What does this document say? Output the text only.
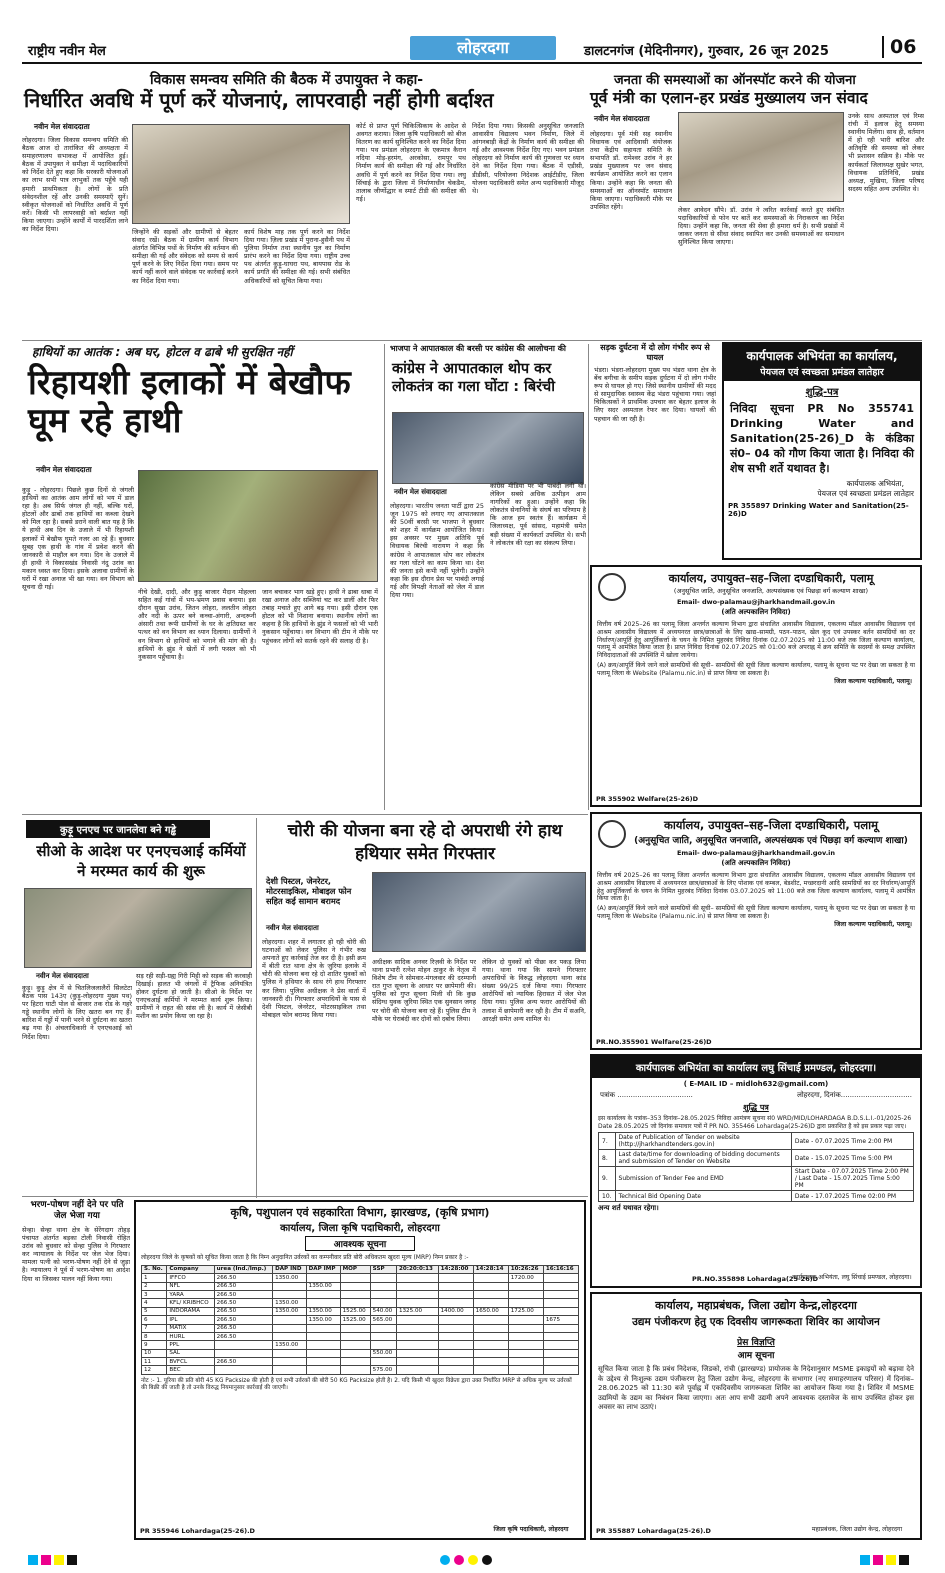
राष्ट्रीय नवीन मेल	लोहरदगा	डालटनगंज (मेदिनीनगर), गुरुवार, 26 जून 2025	06
विकास समन्वय समिति की बैठक में उपायुक्त ने कहा-
निर्धारित अवधि में पूर्ण करें योजनाएं, लापरवाही नहीं होगी बर्दाश्त
नवीन मेल संवाददाता
लोहरदगा। जिला विकास समन्वय समिति की बैठक आज दो तारांकित की अध्यक्षता में समाहरणालय सभाकक्ष में आयोजित हुई। बैठक में उपायुक्त ने समीक्षा में पदाधिकारियों को निर्देश देते हुए कहा कि सरकारी योजनाओं का लाभ सभी पात्र लाभुकों तक पहुँचे यही हमारी प्राथमिकता है। लोगों के प्रति संवेदनशील रहें और उनकी समस्याएँ सुनें। स्वीकृत योजनाओं को निर्धारित अवधि में पूर्ण करें। किसी भी लापरवाही को बर्दाश्त नहीं किया जाएगा। उन्होंने कार्यों में पारदर्शिता लाने का निर्देश दिया।	जिन्होंने की सड़कों और ग्रामीणों से बेहतर संवाद रखें। बैठक में ग्रामीण कार्य विभाग अंतर्गत विभिन्न पथों के निर्माण की वर्तमान की समीक्षा की गई और संवेदक को समय से कार्य पूर्ण करने के लिए निर्देश दिया गया। समय पर कार्य नहीं करने वाले संवेदक पर कार्रवाई करने का निर्देश दिया गया।
कार्य विशेष माह तक पूर्ण करने का निर्देश दिया गया। ज़िला प्रखंड में पुराना-हुसैनी पथ में पुलिया निर्माण तथा स्थानीय पुल का निर्माण प्रारंभ करने का निर्देश दिया गया। राष्ट्रीय उच्च पथ अंतर्गत कुड़ू-घाघरा पथ, बायपास रोड के कार्य प्रगति की समीक्षा की गई। सभी संबंधित अधिकारियों को सूचित किया गया।
कोर्ट से प्राप्त पूर्ण चिकित्सिकाय के आदेश से अवगत कराया। जिला कृषि पदाधिकारी को बीज वितरण का कार्य सुनिश्चित करने का निर्देश दिया गया। पथ प्रमंडल लोहरदगा के एकमात्र कैरान नदिया मोड़-हरमंग, अरकोसा, रामपुर पथ निर्माण कार्य की समीक्षा की गई और निर्धारित अवधि में पूर्ण करने का निर्देश दिया गया। लघु सिंचाई के द्वारा जिला में निर्माणाधीन चेकडैम, तालाब जीर्णोद्धार व स्मार्ट टीडी की समीक्षा की गई।
निर्देश दिया गया। किसकी अनुसूचित जनजाति आवासीय विद्यालय भवन निर्माण, जिले में आंगनबाड़ी केंद्रों के निर्माण कार्य की समीक्षा की गई और आवश्यक निर्देश दिए गए। भवन प्रमंडल लोहरदगा को निर्माण कार्य की गुणवत्ता पर ध्यान देने का निर्देश दिया गया। बैठक में एडीसी, डीडीसी, परियोजना निदेशक आईटीडीए, जिला योजना पदाधिकारी समेत अन्य पदाधिकारी मौजूद थे।
जनता की समस्याओं का ऑनस्पॉट करने की योजना
पूर्व मंत्री का एलान-हर प्रखंड मुख्यालय जन संवाद
नवीन मेल संवाददाता
लोहरदगा। पूर्व मंत्री सह स्थानीय विधायक एवं आदिवासी संयोजक तथा केंद्रीय सहायता समिति के सभापति डॉ. रामेश्वर उरांव ने हर प्रखंड मुख्यालय पर जन संवाद कार्यक्रम आयोजित करने का एलान किया। उन्होंने कहा कि जनता की समस्याओं का ऑनस्पॉट समाधान किया जाएगा। पदाधिकारी मौके पर उपस्थित रहेंगे।	लेकर आवेदन सौंपे। डॉ. उरांव ने त्वरित कार्रवाई करते हुए संबंधित पदाधिकारियों से फोन पर बातें कर समस्याओं के निराकरण का निर्देश दिया। उन्होंने कहा कि, जनता की सेवा ही हमारा धर्म है। सभी प्रखंडों में जाकर जनता से सीधा संवाद स्थापित कर उनकी समस्याओं का समाधान सुनिश्चित किया जाएगा।
उनके साथ अस्पताल एवं रिम्स रांची में इलाज हेतु समस्या स्थानीय मिलेंगा। साथ ही, वर्तमान में हो रही भारी बारिश और अतिवृष्टि की समस्या को लेकर भी प्रशासन सक्रिय है। मौके पर कार्यकर्ता जिलाध्यक्ष सुखेर भगत, विधायक प्रतिनिधि, प्रखंड अध्यक्ष, मुखिया, जिला परिषद सदस्य सहित अन्य उपस्थित थे।
हाथियों का आतंक : अब घर, होटल व ढाबे भी सुरक्षित नहीं
रिहायशी इलाकों में बेखौफ घूम रहे हाथी
नवीन मेल संवाददाता
कुड़ू - लोहरदगा। पिछले कुछ दिनों से जंगली हाथियों का आतंक आम लोगों को भय में डाल रहा है। अब सिर्फ जंगल ही नहीं, बल्कि घरों, होटलों और ढाबों तक हाथियों का कब्जा देखने को मिल रहा है। सबसे डराने वाली बात यह है कि ये हाथी अब दिन के उजाले में भी रिहायशी इलाकों में बेखौफ घूमते नजर आ रहे हैं। बुधवार सुबह एक हाथी के गांव में प्रवेश करने की जानकारी से माहौल बन गया। दिन के उजाले में ही हाथी ने विकासखंड निवासी नंदु उरांव का मकान ध्वस्त कर दिया। इसके अलावा ग्रामीणों के घरों में रखा अनाज भी खा गया। वन विभाग को सूचना दी गई।
नीचे देखी, दादी, और कुड़ू बाजार मैदान मोहल्ला सहित कई गांवों में भय-भ्रमण प्रवास बनाया। इस दौरान सुखा उरांव, जितन लोहरा, ललतीन लोहरा और नदी के ऊपर बने कच्चा-अंगारी, अन्दरूनी अंसारी तथा रूपी ग्रामीणों के घर के क्षतिग्रस्त कर पत्थर को वन विभाग का ध्यान दिलाया। ग्रामीणों ने वन विभाग से हाथियों को भगाने की मांग की है। हाथियों के झुंड ने खेतों में लगी फसल को भी नुकसान पहुँचाया है।
जान बचाकर भाग खड़े हुए। हाथी ने ढाबा धाबा में रखा अनाज और सब्जियां चट कर डालीं और फिर तबाह मचाते हुए आगे बढ़ गया। इसी दौरान एक होटल को भी निशाना बनाया। स्थानीय लोगों का कहना है कि हाथियों के झुंड ने फसलों को भी भारी नुकसान पहुँचाया। वन विभाग की टीम ने मौके पर पहुंचकर लोगों को सतर्क रहने की सलाह दी है।
भाजपा ने आपातकाल की बरसी पर कांग्रेस की आलोचना की
कांग्रेस ने आपातकाल थोप कर लोकतंत्र का गला घोंटा : बिरंची
नवीन मेल संवाददाता
लोहरदगा। भारतीय जनता पार्टी द्वारा 25 जून 1975 को लगाए गए आपातकाल की 50वीं बरसी पर भाजपा ने बुधवार को शहर में कार्यक्रम आयोजित किया। इस अवसर पर मुख्य अतिथि पूर्व विधायक बिरंची नारायण ने कहा कि कांग्रेस ने आपातकाल थोप कर लोकतंत्र का गला घोंटने का काम किया था। देश की जनता इसे कभी नहीं भूलेगी। उन्होंने कहा कि इस दौरान प्रेस पर पाबंदी लगाई गई और विपक्षी नेताओं को जेल में डाल दिया गया।
कांग्रेस मीडिया पर भी पाबंदी लगी थी। लेकिन सबसे अधिक उत्पीड़न आम नागरिकों का हुआ। उन्होंने कहा कि लोकतंत्र सेनानियों के संघर्ष का परिणाम है कि आज हम स्वतंत्र हैं। कार्यक्रम में जिलाध्यक्ष, पूर्व सांसद, महामंत्री समेत बड़ी संख्या में कार्यकर्ता उपस्थित थे। सभी ने लोकतंत्र की रक्षा का संकल्प लिया।
सड़क दुर्घटना में दो लोग गंभीर रूप से घायल
भंडरा। भंडरा-लोहरदगा मुख्य पथ भंडरा थाना क्षेत्र के बेंच बगीचा के समीप सड़क दुर्घटना में दो लोग गंभीर रूप से घायल हो गए। जिसे स्थानीय ग्रामीणों की मदद से सामुदायिक स्वास्थ्य केंद्र भंडरा पहुंचाया गया। जहां चिकित्सकों ने प्राथमिक उपचार कर बेहतर इलाज के लिए सदर अस्पताल रेफर कर दिया। घायलों की पहचान की जा रही है।
कार्यपालक अभियंता का कार्यालय,
पेयजल एवं स्वच्छता प्रमंडल लातेहार
शुद्धि-पत्र
निविदा सूचना PR No 355741 Drinking Water and Sanitation(25-26)_D के कंडिका सं0– 04 को गौण किया जाता है। निविदा की शेष सभी शर्ते यथावत है।
कार्यपालक अभियंता,
पेयजल एवं स्वच्छता प्रमंडल लातेहार
PR 355897 Drinking Water and Sanitation(25-26)D
कार्यालय, उपायुक्त–सह–जिला दण्डाधिकारी, पलामू
(अनुसूचित जाति, अनुसूचित जनजाति, अल्पसंख्यक एवं पिछड़ा वर्ग कल्याण शाखा)
Email- dwo-palamau@jharkhandmail.gov.in
(अति अल्पकालिन निविदा)
वित्तीय वर्ष 2025–26 का पलामू जिला अन्तर्गत कल्याण विभाग द्वारा संचालित आवासीय विद्यालय, एकलव्य मॉडल आवासीय विद्यालय एवं आश्रम आवासीय विद्यालय में अध्ययनरत छात्र/छात्राओं के लिए खाद्य–सामग्री, पठन–पाठन, खेल कूद एवं उपस्कर बर्तन सामग्रियों का दर निर्धारण/आपूर्ति हेतु आपूर्तिकर्त्ता के चयन के निमित मुहरबंद निविदा दिनांक 02.07.2025 को 11:00 बजे तक जिला कल्याण कार्यालय, पलामू में आमंत्रित किया जाता है। प्राप्त निविदा दिनांक 02.07.2025 को 01:00 बजे अपराह्न में क्रय समिति के सदस्यों के समक्ष उपस्थित निविदादाताओं की उपस्थिति में खोला जायेगा।
(A) क्रय/आपूर्ति किये जाने वाले सामग्रियों की सूची– सामग्रियों की सूची जिला कल्याण कार्यालय, पलामू के सूचना पट पर देखा जा सकता है या पलामू जिला के Website (Palamu.nic.in) से प्राप्त किया जा सकता है।
जिला कल्याण पदाधिकारी, पलामू।
PR 355902 Welfare(25-26)D
कुड़ू एनएच पर जानलेवा बने गड्ढे
सीओ के आदेश पर एनएचआई कर्मियों ने मरम्मत कार्य की शुरू
नवीन मेल संवाददाता
कुड़ू। कुड़ू क्षेत्र में से चितलिजलालैरों सिलटेटा बैठक पास 143ए (कुड़ू-लोहरदगा मुख्य पथ) पर हिटरा घाटी पोल से बाजार तक रोड के गहरे गड्ढे स्थानीय लोगों के लिए खतरा बन गए हैं। बारिश में गड्ढों में पानी भरने से दुर्घटना का खतरा बढ़ गया है। अंचलाधिकारी ने एनएचआई को निर्देश दिया।
सड़ रही सड़ी-ग्रह्य गिरी मिट्टी को सड़क की करवाही दिखाई। हालत भी जंगलों में ट्रैफिक अनियंत्रित होकर दुर्घटना हो जाती है। सीओ के निर्देश पर एनएचआई कर्मियों ने मरम्मत कार्य शुरू किया। ग्रामीणों ने राहत की सांस ली है। कार्य में जेसीबी मशीन का प्रयोग किया जा रहा है।
चोरी की योजना बना रहे दो अपराधी रंगे हाथ हथियार समेत गिरफ्तार
देशी पिस्टल, जेनरेटर, मोटरसाइकिल, मोबाइल फोन सहित कई सामान बरामद
नवीन मेल संवाददाता
लोहरदगा। शहर में लगातार हो रही चोरी की घटनाओं को लेकर पुलिस ने गंभीर रुख अपनाते हुए कार्रवाई तेज कर दी है। इसी क्रम में बीती रात थाना क्षेत्र के जुरिया इलाके में चोरी की योजना बना रहे दो शातिर युवकों को पुलिस ने हथियार के साथ रंगे हाथ गिरफ्तार कर लिया। पुलिस अधीक्षक ने प्रेस वार्ता में जानकारी दी। गिरफ्तार अपराधियों के पास से देशी पिस्टल, जेनरेटर, मोटरसाइकिल तथा मोबाइल फोन बरामद किया गया।
अधीक्षक सादिक अनवर रिज़वी के निर्देश पर थाना प्रभारी रत्नेश मोहन ठाकुर के नेतृत्व में विशेष टीम ने सोमवार-मंगलवार की दरम्यानी रात गुप्त सूचना के आधार पर छापेमारी की। पुलिस को गुप्त सूचना मिली थी कि कुछ संदिग्ध युवक जुरिया स्थित एक सुनसान जगह पर चोरी की योजना बना रहे हैं। पुलिस टीम ने मौके पर घेराबंदी कर दोनों को दबोच लिया।
लेकिन दो युवकों को पीछा कर पकड़ लिया गया। थाना गया कि सामने गिरफ्तार अपराधियों के विरुद्ध लोहरदगा थाना कांड संख्या 99/25 दर्ज किया गया। गिरफ्तार आरोपियों को न्यायिक हिरासत में जेल भेज दिया गया। पुलिस अन्य फरार आरोपियों की तलाश में छापेमारी कर रही है। टीम में सअनि, आरक्षी समेत अन्य शामिल थे।
कार्यालय, उपायुक्त–सह–जिला दण्डाधिकारी, पलामू
(अनुसूचित जाति, अनुसूचित जनजाति, अल्पसंख्यक एवं पिछड़ा वर्ग कल्याण शाखा)
Email- dwo-palamau@jharkhandmail.gov.in
(अति अल्पकालिन निविदा)
वित्तीय वर्ष 2025–26 का पलामू जिला अन्तर्गत कल्याण विभाग द्वारा संचालित आवासीय विद्यालय, एकलव्य मॉडल आवासीय विद्यालय एवं आश्रम आवासीय विद्यालय में अध्ययनरत छात्र/छात्राओं के लिए पोशाक एवं कम्बल, बेडशीट, मच्छरदानी आदि सामग्रियों का दर निर्धारण/आपूर्ति हेतु आपूर्तिकर्त्ता के चयन के निमित मुहरबंद निविदा दिनांक 03.07.2025 को 11:00 बजे तक जिला कल्याण कार्यालय, पलामू में आमंत्रित किया जाता है।
(A) क्रय/आपूर्ति किये जाने वाले सामग्रियों की सूची– सामग्रियों की सूची जिला कल्याण कार्यालय, पलामू के सूचना पट पर देखा जा सकता है या पलामू जिला के Website (Palamu.nic.in) से प्राप्त किया जा सकता है।
जिला कल्याण पदाधिकारी, पलामू।
PR.NO.355901 Welfare(25-26)D
भरण-पोषण नहीं देने पर पति जेल भेजा गया
सेन्हा। सेन्हा थाना क्षेत्र के सेरेंगदाग तोहड़ पंचायत अंतर्गत बड़का टोली निवासी रोहित उरांव को बुधवार को सेन्हा पुलिस ने गिरफ्तार कर न्यायालय के निर्देश पर जेल भेज दिया। मामला पत्नी को भरण-पोषण नहीं देने से जुड़ा है। न्यायालय ने पूर्व में भरण-पोषण का आदेश दिया था जिसका पालन नहीं किया गया।
कृषि, पशुपालन एवं सहकारिता विभाग, झारखण्ड, (कृषि प्रभाग)
कार्यालय, जिला कृषि पदाधिकारी, लोहरदगा
आवश्यक सूचना
लोहरदगा जिले के कृषकों को सूचित किया जाता है कि निम्न अनुदानित उर्वरकों का कम्पनीवार प्रति बोरी अधिकतम खुदरा मूल्य (MRP) निम्न प्रकार है :-
S. No.	Company	urea (Ind./Imp.)	DAP IND	DAP IMP	MOP	SSP	20:20:0:13	14:28:00	14:28:14	10:26:26	16:16:16
1	IFFCO	266.50	1350.00							1720.00	
2	NFL	266.50		1350.00							
3	YARA	266.50									
4	KFL/ KRIBHCO	266.50	1350.00								
5	INDORAMA	266.50	1350.00	1350.00	1525.00	540.00	1325.00	1400.00	1650.00	1725.00	
6	IPL	266.50		1350.00	1525.00	565.00					1675
7	MATIX	266.50									
8	HURL	266.50									
9	PPL		1350.00								
10	SAL					550.00					
11	BVFCL	266.50									
12	BEC					575.00					
नोट :- 1. यूरिया की प्रति बोरी 45 KG Packsize की होती है एवं सभी उर्वरकों की बोरी 50 KG Packsize होती है। 2. यदि किसी भी खुदरा विक्रेता द्वारा उक्त निर्धारित MRP से अधिक मूल्य पर उर्वरकों की बिक्री की जाती है तो उनके विरुद्ध नियमानुसार कार्रवाई की जाएगी।
जिला कृषि पदाधिकारी, लोहरदगा
PR 355946 Lohardaga(25-26).D
कार्यपालक अभियंता का कार्यालय लघु सिंचाई प्रमण्डल, लोहरदगा।
( E-MAIL ID – midloh632@gmail.com)
पत्रांक ..................................	लोहरदगा, दिनांक................................
शुद्धि पत्र
इस कार्यालय के पत्रांक–353 दिनांक–28.05.2025 निविदा आमंत्रण सूचना सं0 WRD/MID/LOHARDAGA B.D.S.L.I.-01/2025-26 Date 28.05.2025 जो दिनांक समाचार पत्रों में PR NO. 355466 Lohardaga(25-26)D द्वारा प्रकाशित है को इस प्रकार पढ़ा जाए।
7.	Date of Publication of Tender on website (http://jharkhandtenders.gov.in)	Date - 07.07.2025 Time 2:00 PM
8.	Last date/time for downloading of bidding documents and submission of Tender on Website	Date - 15.07.2025 Time 5:00 PM
9.	Submission of Tender Fee and EMD	Start Date - 07.07.2025 Time 2:00 PM / Last Date - 15.07.2025 Time 5:00 PM
10.	Technical Bid Opening Date	Date - 17.07.2025 Time 02:00 PM
अन्य शर्त यथावत रहेगा।
कार्यपालक अभियंता, लघु सिंचाई प्रमण्डल, लोहरदगा।
PR.NO.355898 Lohardaga(25-26)D
कार्यालय, महाप्रबंधक, जिला उद्योग केन्द्र,लोहरदगा
उद्यम पंजीकरण हेतु एक दिवसीय जागरूकता शिविर का आयोजन
प्रेस विज्ञप्ति
आम सूचना
सूचित किया जाता है कि प्रबंध निदेशक, जिडको, रांची (झारखण्ड) प्रायोजक के निदेशानुसार MSME इकाइयों को बढ़ावा देने के उद्देश्य से निःशुल्क उद्यम पंजीकरण हेतु जिला उद्योग केन्द्र, लोहरदगा के सभागार (नए समाहरणालय परिसर) में दिनांक–28.06.2025 को 11:30 बजे पूर्वाह्न में एकदिवसीय जागरूकता शिविर का आयोजन किया गया है। शिविर में MSME उद्यमियों के उद्यम का निबंधन किया जाएगा। अतः आप सभी उद्यमी अपने आवश्यक दस्तावेज के साथ उपस्थित होकर इस अवसर का लाभ उठाएं।
महाप्रबंधक, जिला उद्योग केन्द्र, लोहरदगा
PR 355887 Lohardaga(25-26).D
